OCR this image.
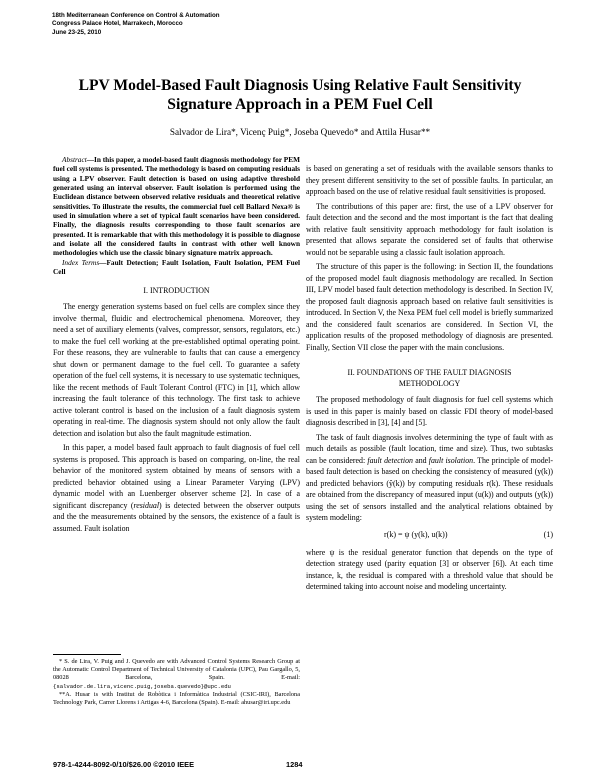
18th Mediterranean Conference on Control & Automation
Congress Palace Hotel, Marrakech, Morocco
June 23-25, 2010
LPV Model-Based Fault Diagnosis Using Relative Fault Sensitivity
Signature Approach in a PEM Fuel Cell
Salvador de Lira*, Vicenç Puig*, Joseba Quevedo* and Attila Husar**

Abstract—In this paper, a model-based fault diagnosis methodology for PEM fuel cell systems is presented. The methodology is based on computing residuals using a LPV observer. Fault detection is based on using adaptive threshold generated using an interval observer. Fault isolation is performed using the Euclidean distance between observed relative residuals and theoretical relative sensitivities. To illustrate the results, the commercial fuel cell Ballard Nexa® is used in simulation where a set of typical fault scenarios have been considered. Finally, the diagnosis results corresponding to those fault scenarios are presented. It is remarkable that with this methodology it is possible to diagnose and isolate all the considered faults in contrast with other well known methodologies which use the classic binary signature matrix approach.

Index Terms—Fault Detection; Fault Isolation, Fault Isolation, PEM Fuel Cell

I. INTRODUCTION

The energy generation systems based on fuel cells are complex since they involve thermal, fluidic and electrochemical phenomena. Moreover, they need a set of auxiliary elements (valves, compressor, sensors, regulators, etc.) to make the fuel cell working at the pre-established optimal operating point. For these reasons, they are vulnerable to faults that can cause a emergency shut down or permanent damage to the fuel cell. To guarantee a safety operation of the fuel cell systems, it is necessary to use systematic techniques, like the recent methods of Fault Tolerant Control (FTC) in [1], which allow increasing the fault tolerance of this technology. The first task to achieve active tolerant control is based on the inclusion of a fault diagnosis system operating in real-time. The diagnosis system should not only allow the fault detection and isolation but also the fault magnitude estimation.

In this paper, a model based fault approach to fault diagnosis of fuel cell systems is proposed. This approach is based on comparing, on-line, the real behavior of the monitored system obtained by means of sensors with a predicted behavior obtained using a Linear Parameter Varying (LPV) dynamic model with an Luenberger observer scheme [2]. In case of a significant discrepancy (residual) is detected between the observer outputs and the the measurements obtained by the sensors, the existence of a fault is assumed. Fault isolation

* S. de Lira, V. Puig and J. Quevedo are with Advanced Control Systems Research Group at the Automatic Control Department of Technical University of Catalonia (UPC), Pau Gargallo, 5, 08028 Barcelona, Spain. E-mail: {salvador.de.lira,vicenc.puig,joseba.quevedo}@upc.edu

**A. Husar is with Institut de Robòtica i Informàtica Industrial (CSIC-IRI), Barcelona Technology Park, Carrer Llorens i Artigas 4-6, Barcelona (Spain). E-mail: ahusar@iri.upc.edu

is based on generating a set of residuals with the available sensors thanks to they present different sensitivity to the set of possible faults. In particular, an approach based on the use of relative residual fault sensitivities is proposed.

The contributions of this paper are: first, the use of a LPV observer for fault detection and the second and the most important is the fact that dealing with relative fault sensitivity approach methodology for fault isolation is presented that allows separate the considered set of faults that otherwise would not be separable using a classic fault isolation approach.

The structure of this paper is the following: in Section II, the foundations of the proposed model fault diagnosis methodology are recalled. In Section III, LPV model based fault detection methodology is described. In Section IV, the proposed fault diagnosis approach based on relative fault sensitivities is introduced. In Section V, the Nexa PEM fuel cell model is briefly summarized and the considered fault scenarios are considered. In Section VI, the application results of the proposed methodology of diagnosis are presented. Finally, Section VII close the paper with the main conclusions.

II. FOUNDATIONS OF THE FAULT DIAGNOSIS
METHODOLOGY

The proposed methodology of fault diagnosis for fuel cell systems which is used in this paper is mainly based on classic FDI theory of model-based diagnosis described in [3], [4] and [5].

The task of fault diagnosis involves determining the type of fault with as much details as possible (fault location, time and size). Thus, two subtasks can be considered: fault detection and fault isolation. The principle of model-based fault detection is based on checking the consistency of measured (y(k)) and predicted behaviors (ŷ(k)) by computing residuals r(k). These residuals are obtained from the discrepancy of measured input (u(k)) and outputs (y(k)) using the set of sensors installed and the analytical relations obtained by system modeling:

r(k) = ψ (y(k), u(k))	(1)

where ψ is the residual generator function that depends on the type of detection strategy used (parity equation [3] or observer [6]). At each time instance, k, the residual is compared with a threshold value that should be determined taking into account noise and modeling uncertainty.

978-1-4244-8092-0/10/$26.00 ©2010 IEEE	1284
